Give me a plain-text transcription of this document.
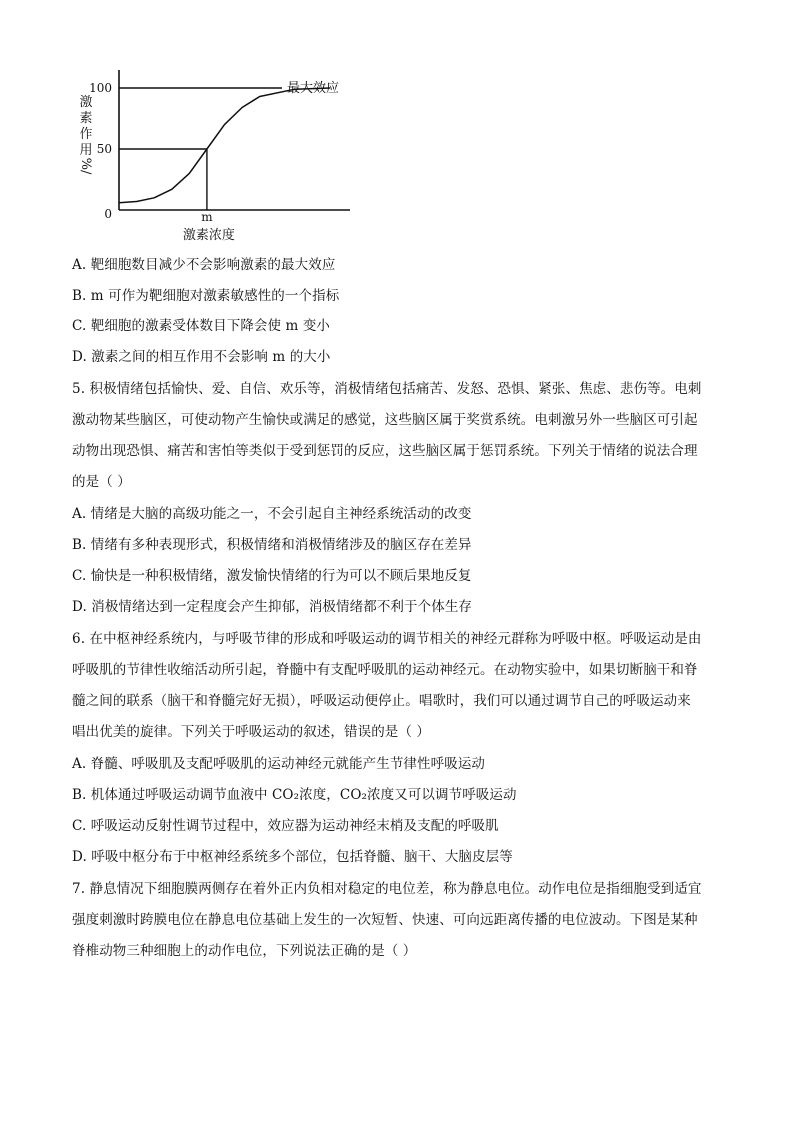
100
50
0
激
素
作
用
%/
最大效应
m
激素浓度
A. 靶细胞数目减少不会影响激素的最大效应
B. m 可作为靶细胞对激素敏感性的一个指标
C. 靶细胞的激素受体数目下降会使 m 变小
D. 激素之间的相互作用不会影响 m 的大小
5. 积极情绪包括愉快、爱、自信、欢乐等，消极情绪包括痛苦、发怒、恐惧、紧张、焦虑、悲伤等。电刺
激动物某些脑区，可使动物产生愉快或满足的感觉，这些脑区属于奖赏系统。电刺激另外一些脑区可引起
动物出现恐惧、痛苦和害怕等类似于受到惩罚的反应，这些脑区属于惩罚系统。下列关于情绪的说法合理
的是（ ）
A. 情绪是大脑的高级功能之一，不会引起自主神经系统活动的改变
B. 情绪有多种表现形式，积极情绪和消极情绪涉及的脑区存在差异
C. 愉快是一种积极情绪，激发愉快情绪的行为可以不顾后果地反复
D. 消极情绪达到一定程度会产生抑郁，消极情绪都不利于个体生存
6. 在中枢神经系统内，与呼吸节律的形成和呼吸运动的调节相关的神经元群称为呼吸中枢。呼吸运动是由
呼吸肌的节律性收缩活动所引起，脊髓中有支配呼吸肌的运动神经元。在动物实验中，如果切断脑干和脊
髓之间的联系（脑干和脊髓完好无损），呼吸运动便停止。唱歌时，我们可以通过调节自己的呼吸运动来
唱出优美的旋律。下列关于呼吸运动的叙述，错误的是（ ）
A. 脊髓、呼吸肌及支配呼吸肌的运动神经元就能产生节律性呼吸运动
B. 机体通过呼吸运动调节血液中 CO₂浓度，CO₂浓度又可以调节呼吸运动
C. 呼吸运动反射性调节过程中，效应器为运动神经末梢及支配的呼吸肌
D. 呼吸中枢分布于中枢神经系统多个部位，包括脊髓、脑干、大脑皮层等
7. 静息情况下细胞膜两侧存在着外正内负相对稳定的电位差，称为静息电位。动作电位是指细胞受到适宜
强度刺激时跨膜电位在静息电位基础上发生的一次短暂、快速、可向远距离传播的电位波动。下图是某种
脊椎动物三种细胞上的动作电位，下列说法正确的是（ ）
